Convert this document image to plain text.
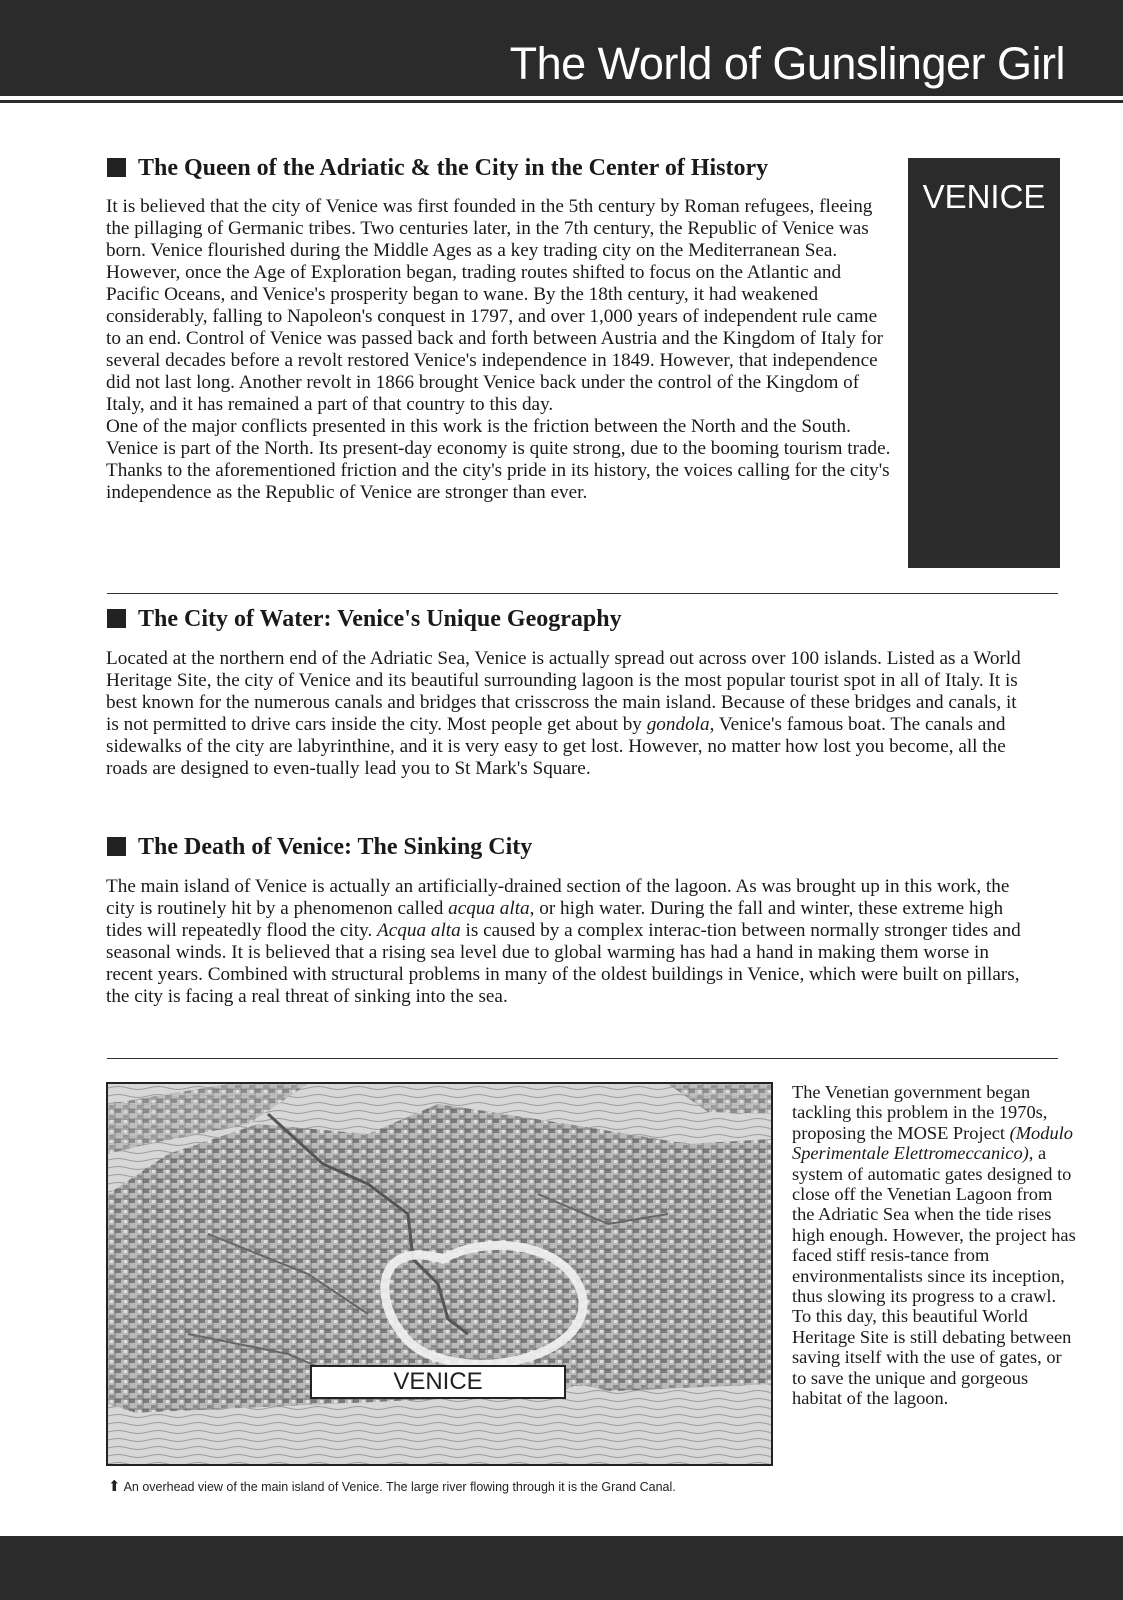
The World of Gunslinger Girl
The Queen of the Adriatic & the City in the Center of History

It is believed that the city of Venice was first founded in the 5th century by Roman refugees, fleeing the pillaging of Germanic tribes. Two centuries later, in the 7th century, the Republic of Venice was born. Venice flourished during the Middle Ages as a key trading city on the Mediterranean Sea.

However, once the Age of Exploration began, trading routes shifted to focus on the Atlantic and Pacific Oceans, and Venice's prosperity began to wane. By the 18th century, it had weakened considerably, falling to Napoleon's conquest in 1797, and over 1,000 years of independent rule came to an end. Control of Venice was passed back and forth between Austria and the Kingdom of Italy for several decades before a revolt restored Venice's independence in 1849. However, that independence did not last long. Another revolt in 1866 brought Venice back under the control of the Kingdom of Italy, and it has remained a part of that country to this day.

One of the major conflicts presented in this work is the friction between the North and the South. Venice is part of the North. Its present-day economy is quite strong, due to the booming tourism trade. Thanks to the aforementioned friction and the city's pride in its history, the voices calling for the city's independence as the Republic of Venice are stronger than ever.

VENICE
The City of Water: Venice's Unique Geography

Located at the northern end of the Adriatic Sea, Venice is actually spread out across over 100 islands. Listed as a World Heritage Site, the city of Venice and its beautiful surrounding lagoon is the most popular tourist spot in all of Italy. It is best known for the numerous canals and bridges that crisscross the main island. Because of these bridges and canals, it is not permitted to drive cars inside the city. Most people get about by gondola, Venice's famous boat. The canals and sidewalks of the city are labyrinthine, and it is very easy to get lost. However, no matter how lost you become, all the roads are designed to even-tually lead you to St Mark's Square.

The Death of Venice: The Sinking City

The main island of Venice is actually an artificially-drained section of the lagoon. As was brought up in this work, the city is routinely hit by a phenomenon called acqua alta, or high water. During the fall and winter, these extreme high tides will repeatedly flood the city. Acqua alta is caused by a complex interac-tion between normally stronger tides and seasonal winds. It is believed that a rising sea level due to global warming has had a hand in making them worse in recent years. Combined with structural problems in many of the oldest buildings in Venice, which were built on pillars, the city is facing a real threat of sinking into the sea.

VENICE
⬆ An overhead view of the main island of Venice. The large river flowing through it is the Grand Canal.

The Venetian government began tackling this problem in the 1970s, proposing the MOSE Project (Modulo Sperimentale Elettromeccanico), a system of automatic gates designed to close off the Venetian Lagoon from the Adriatic Sea when the tide rises high enough. However, the project has faced stiff resis-tance from environmentalists since its inception, thus slowing its progress to a crawl. To this day, this beautiful World Heritage Site is still debating between saving itself with the use of gates, or to save the unique and gorgeous habitat of the lagoon.
